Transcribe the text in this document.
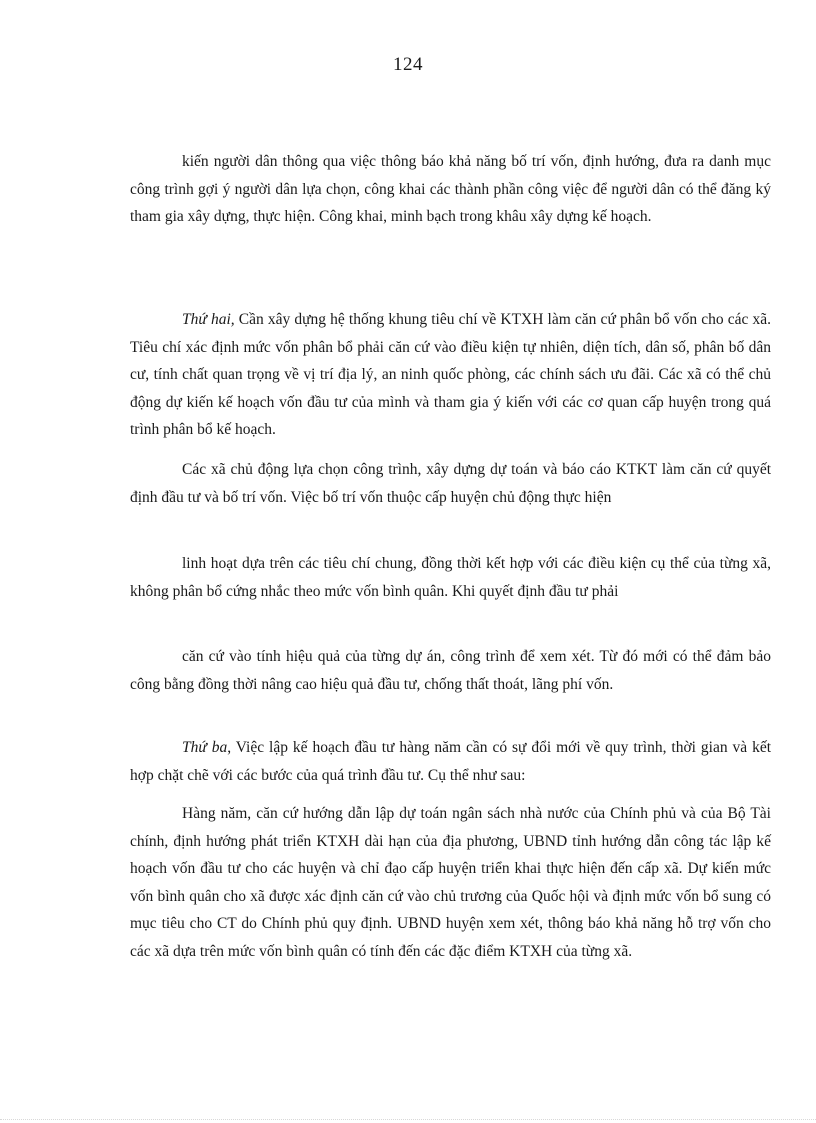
124

kiến người dân thông qua việc thông báo khả năng bố trí vốn, định hướng, đưa ra danh mục công trình gợi ý người dân lựa chọn, công khai các thành phần công việc để người dân có thể đăng ký tham gia xây dựng, thực hiện. Công khai, minh bạch trong khâu xây dựng kế hoạch.

Thứ hai, Cần xây dựng hệ thống khung tiêu chí về KTXH làm căn cứ phân bổ vốn cho các xã. Tiêu chí xác định mức vốn phân bổ phải căn cứ vào điều kiện tự nhiên, diện tích, dân số, phân bố dân cư, tính chất quan trọng về vị trí địa lý, an ninh quốc phòng, các chính sách ưu đãi. Các xã có thể chủ động dự kiến kế hoạch vốn đầu tư của mình và tham gia ý kiến với các cơ quan cấp huyện trong quá trình phân bổ kế hoạch.

Các xã chủ động lựa chọn công trình, xây dựng dự toán và báo cáo KTKT làm căn cứ quyết định đầu tư và bố trí vốn. Việc bố trí vốn thuộc cấp huyện chủ động thực hiện

linh hoạt dựa trên các tiêu chí chung, đồng thời kết hợp với các điều kiện cụ thể của từng xã, không phân bổ cứng nhắc theo mức vốn bình quân. Khi quyết định đầu tư phải

căn cứ vào tính hiệu quả của từng dự án, công trình để xem xét. Từ đó mới có thể đảm bảo công bằng đồng thời nâng cao hiệu quả đầu tư, chống thất thoát, lãng phí vốn.

Thứ ba, Việc lập kế hoạch đầu tư hàng năm cần có sự đổi mới về quy trình, thời gian và kết hợp chặt chẽ với các bước của quá trình đầu tư. Cụ thể như sau:

Hàng năm, căn cứ hướng dẫn lập dự toán ngân sách nhà nước của Chính phủ và của Bộ Tài chính, định hướng phát triển KTXH dài hạn của địa phương, UBND tỉnh hướng dẫn công tác lập kế hoạch vốn đầu tư cho các huyện và chỉ đạo cấp huyện triển khai thực hiện đến cấp xã. Dự kiến mức vốn bình quân cho xã được xác định căn cứ vào chủ trương của Quốc hội và định mức vốn bổ sung có mục tiêu cho CT do Chính phủ quy định. UBND huyện xem xét, thông báo khả năng hỗ trợ vốn cho các xã dựa trên mức vốn bình quân có tính đến các đặc điểm KTXH của từng xã.
